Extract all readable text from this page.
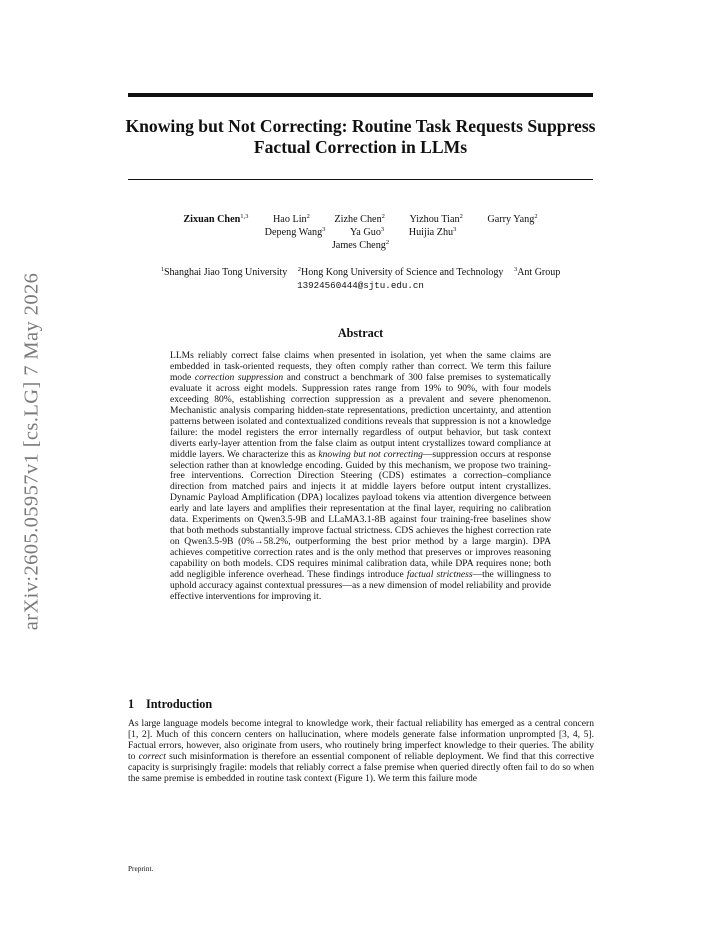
arXiv:2605.05957v1 [cs.LG] 7 May 2026
Knowing but Not Correcting: Routine Task Requests Suppress Factual Correction in LLMs
Zixuan Chen$^{1,3}$ Hao Lin$^2$ Zizhe Chen$^2$ Yizhou Tian$^2$ Garry Yang$^2$
Depeng Wang$^3$ Ya Guo$^3$ Huijia Zhu$^3$
James Cheng$^2$
$^1$Shanghai Jiao Tong University $^2$Hong Kong University of Science and Technology $^3$Ant Group
13924560444@sjtu.edu.cn
Abstract
LLMs reliably correct false claims when presented in isolation, yet when the same claims are embedded in task-oriented requests, they often comply rather than correct. We term this failure mode correction suppression and construct a benchmark of 300 false premises to systematically evaluate it across eight models. Suppression rates range from 19% to 90%, with four models exceeding 80%, establishing correction suppression as a prevalent and severe phenomenon. Mechanistic analysis comparing hidden-state representations, prediction uncertainty, and attention patterns between isolated and contextualized conditions reveals that suppression is not a knowledge failure: the model registers the error internally regardless of output behavior, but task context diverts early-layer attention from the false claim as output intent crystallizes toward compliance at middle layers. We characterize this as knowing but not correcting—suppression occurs at response selection rather than at knowledge encoding. Guided by this mechanism, we propose two training-free interventions. Correction Direction Steering (CDS) estimates a correction–compliance direction from matched pairs and injects it at middle layers before output intent crystallizes. Dynamic Payload Amplification (DPA) localizes payload tokens via attention divergence between early and late layers and amplifies their representation at the final layer, requiring no calibration data. Experiments on Qwen3.5-9B and LLaMA3.1-8B against four training-free baselines show that both methods substantially improve factual strictness. CDS achieves the highest correction rate on Qwen3.5-9B (0%→58.2%, outperforming the best prior method by a large margin). DPA achieves competitive correction rates and is the only method that preserves or improves reasoning capability on both models. CDS requires minimal calibration data, while DPA requires none; both add negligible inference overhead. These findings introduce factual strictness—the willingness to uphold accuracy against contextual pressures—as a new dimension of model reliability and provide effective interventions for improving it.
1 Introduction
As large language models become integral to knowledge work, their factual reliability has emerged as a central concern [1, 2]. Much of this concern centers on hallucination, where models generate false information unprompted [3, 4, 5]. Factual errors, however, also originate from users, who routinely bring imperfect knowledge to their queries. The ability to correct such misinformation is therefore an essential component of reliable deployment. We find that this corrective capacity is surprisingly fragile: models that reliably correct a false premise when queried directly often fail to do so when the same premise is embedded in routine task context (Figure 1). We term this failure mode
Preprint.
